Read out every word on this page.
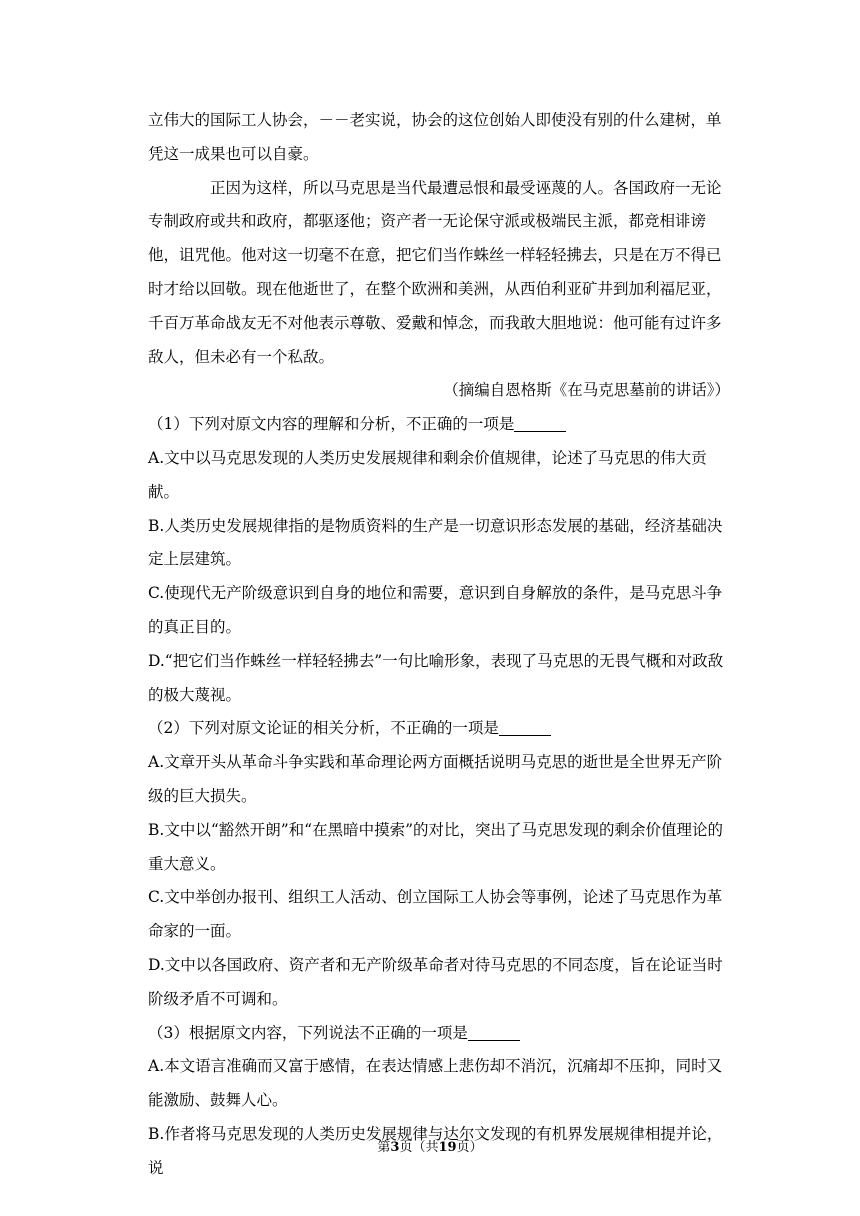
立伟大的国际工人协会，－－老实说，协会的这位创始人即使没有别的什么建树，单凭这一成果也可以自豪。

正因为这样，所以马克思是当代最遭忌恨和最受诬蔑的人。各国政府一无论专制政府或共和政府，都驱逐他；资产者一无论保守派或极端民主派，都竞相诽谤他，诅咒他。他对这一切毫不在意，把它们当作蛛丝一样轻轻拂去，只是在万不得已时才给以回敬。现在他逝世了，在整个欧洲和美洲，从西伯利亚矿井到加利福尼亚，千百万革命战友无不对他表示尊敬、爱戴和悼念，而我敢大胆地说：他可能有过许多敌人，但未必有一个私敌。

（摘编自恩格斯《在马克思墓前的讲话》）

（1）下列对原文内容的理解和分析，不正确的一项是

A.文中以马克思发现的人类历史发展规律和剩余价值规律，论述了马克思的伟大贡献。

B.人类历史发展规律指的是物质资料的生产是一切意识形态发展的基础，经济基础决定上层建筑。

C.使现代无产阶级意识到自身的地位和需要，意识到自身解放的条件，是马克思斗争的真正目的。

D.“把它们当作蛛丝一样轻轻拂去”一句比喻形象，表现了马克思的无畏气概和对政敌的极大蔑视。

（2）下列对原文论证的相关分析，不正确的一项是

A.文章开头从革命斗争实践和革命理论两方面概括说明马克思的逝世是全世界无产阶级的巨大损失。

B.文中以“豁然开朗”和“在黑暗中摸索”的对比，突出了马克思发现的剩余价值理论的重大意义。

C.文中举创办报刊、组织工人活动、创立国际工人协会等事例，论述了马克思作为革命家的一面。

D.文中以各国政府、资产者和无产阶级革命者对待马克思的不同态度，旨在论证当时阶级矛盾不可调和。

（3）根据原文内容，下列说法不正确的一项是

A.本文语言准确而又富于感情，在表达情感上悲伤却不消沉，沉痛却不压抑，同时又能激励、鼓舞人心。

B.作者将马克思发现的人类历史发展规律与达尔文发现的有机界发展规律相提并论，说

第3页（共19页）
